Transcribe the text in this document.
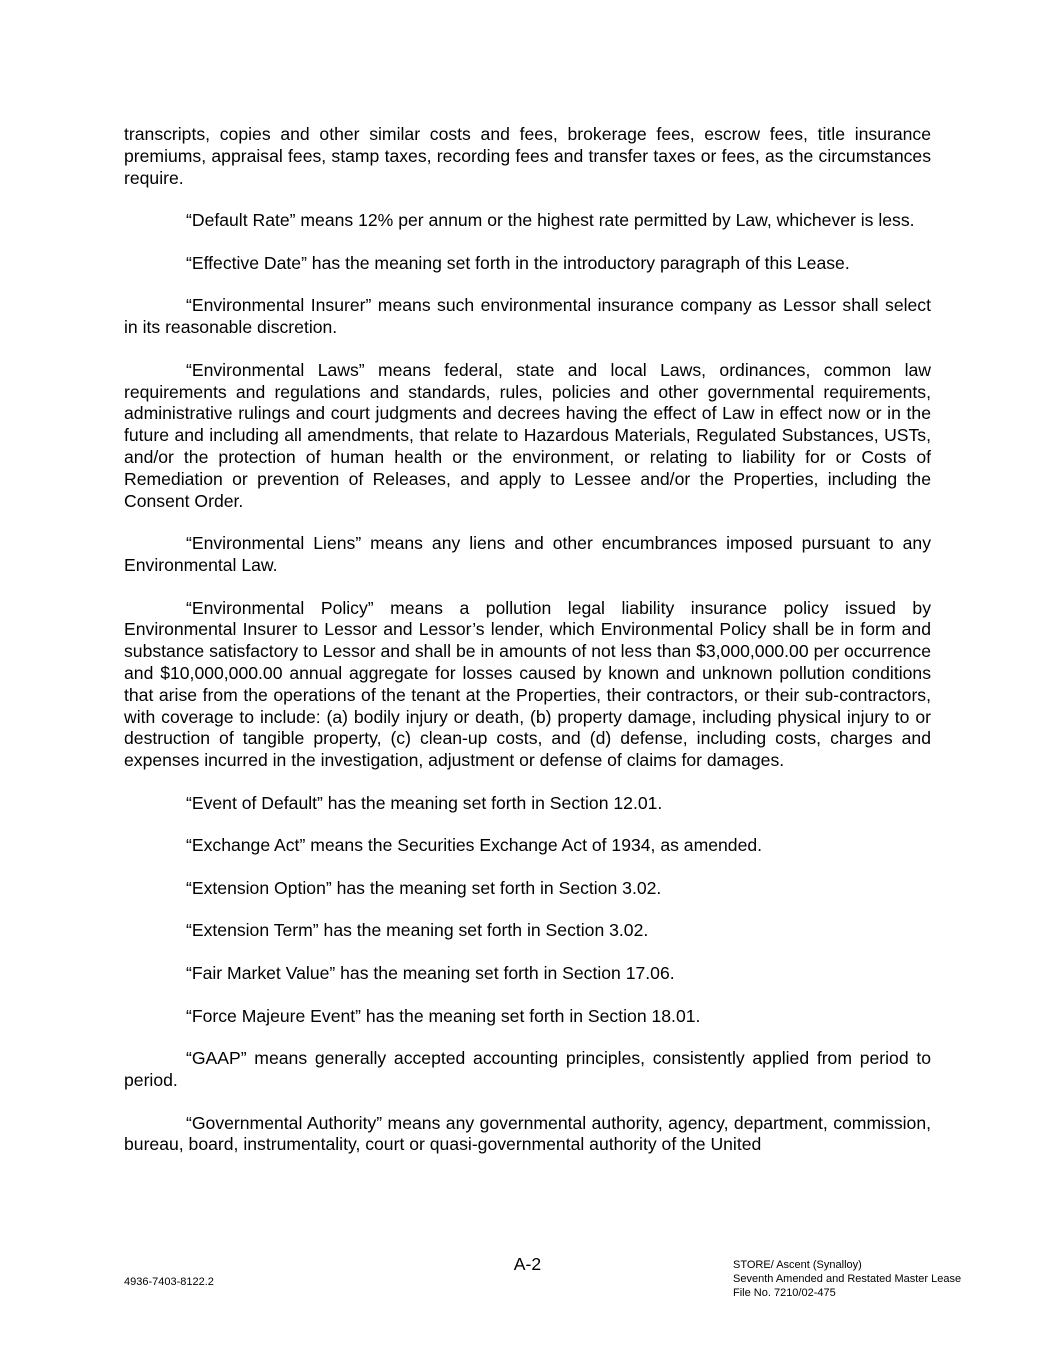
transcripts, copies and other similar costs and fees, brokerage fees, escrow fees, title insurance premiums, appraisal fees, stamp taxes, recording fees and transfer taxes or fees, as the circumstances require.

“Default Rate” means 12% per annum or the highest rate permitted by Law, whichever is less.

“Effective Date” has the meaning set forth in the introductory paragraph of this Lease.

“Environmental Insurer” means such environmental insurance company as Lessor shall select in its reasonable discretion.

“Environmental Laws” means federal, state and local Laws, ordinances, common law requirements and regulations and standards, rules, policies and other governmental requirements, administrative rulings and court judgments and decrees having the effect of Law in effect now or in the future and including all amendments, that relate to Hazardous Materials, Regulated Substances, USTs, and/or the protection of human health or the environment, or relating to liability for or Costs of Remediation or prevention of Releases, and apply to Lessee and/or the Properties, including the Consent Order.

“Environmental Liens” means any liens and other encumbrances imposed pursuant to any Environmental Law.

“Environmental Policy” means a pollution legal liability insurance policy issued by Environmental Insurer to Lessor and Lessor’s lender, which Environmental Policy shall be in form and substance satisfactory to Lessor and shall be in amounts of not less than $3,000,000.00 per occurrence and $10,000,000.00 annual aggregate for losses caused by known and unknown pollution conditions that arise from the operations of the tenant at the Properties, their contractors, or their sub-contractors, with coverage to include: (a) bodily injury or death, (b) property damage, including physical injury to or destruction of tangible property, (c) clean-up costs, and (d) defense, including costs, charges and expenses incurred in the investigation, adjustment or defense of claims for damages.

“Event of Default” has the meaning set forth in Section 12.01.

“Exchange Act” means the Securities Exchange Act of 1934, as amended.

“Extension Option” has the meaning set forth in Section 3.02.

“Extension Term” has the meaning set forth in Section 3.02.

“Fair Market Value” has the meaning set forth in Section 17.06.

“Force Majeure Event” has the meaning set forth in Section 18.01.

“GAAP” means generally accepted accounting principles, consistently applied from period to period.

“Governmental Authority” means any governmental authority, agency, department, commission, bureau, board, instrumentality, court or quasi-governmental authority of the United

A-2
4936-7403-8122.2
STORE/ Ascent (Synalloy)
Seventh Amended and Restated Master Lease
File No. 7210/02-475
